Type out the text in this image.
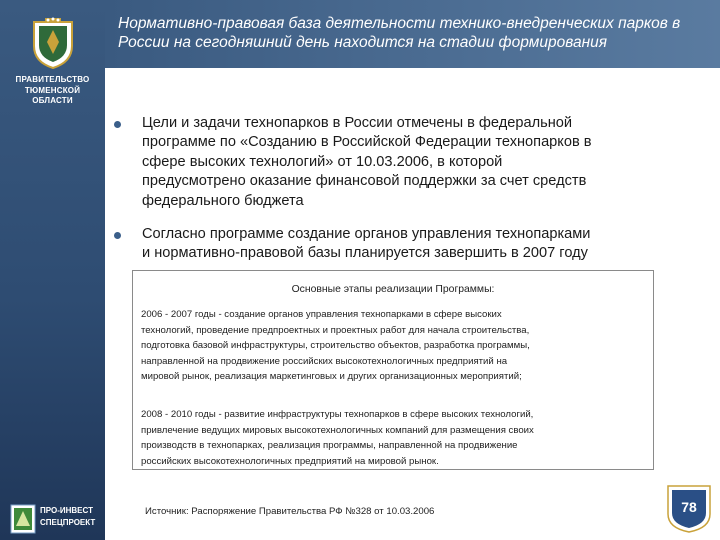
Нормативно-правовая база деятельности технико-внедренческих парков в
России на сегодняшний день находится на стадии формирования
ПРАВИТЕЛЬСТВО
ТЮМЕНСКОЙ
ОБЛАСТИ
Цели и задачи технопарков в России отмечены в федеральной
программе по «Созданию в Российской Федерации технопарков в
сфере высоких технологий» от 10.03.2006, в которой
предусмотрено оказание финансовой поддержки за счет средств
федерального бюджета
Согласно программе создание органов управления технопарками
и нормативно-правовой базы планируется завершить в 2007 году
Основные этапы реализации Программы:
2006 - 2007 годы - создание органов управления технопарками в сфере высоких
технологий, проведение предпроектных и проектных работ для начала строительства,
подготовка базовой инфраструктуры, строительство объектов, разработка программы,
направленной на продвижение российских высокотехнологичных предприятий на
мировой рынок, реализация маркетинговых и других организационных мероприятий;
2008 - 2010 годы - развитие инфраструктуры технопарков в сфере высоких технологий,
привлечение ведущих мировых высокотехнологичных компаний для размещения своих
производств в технопарках, реализация программы, направленной на продвижение
российских высокотехнологичных предприятий на мировой рынок.
Источник: Распоряжение Правительства РФ №328 от 10.03.2006	78
ПРО-ИНВЕСТ
СПЕЦПРОЕКТ
